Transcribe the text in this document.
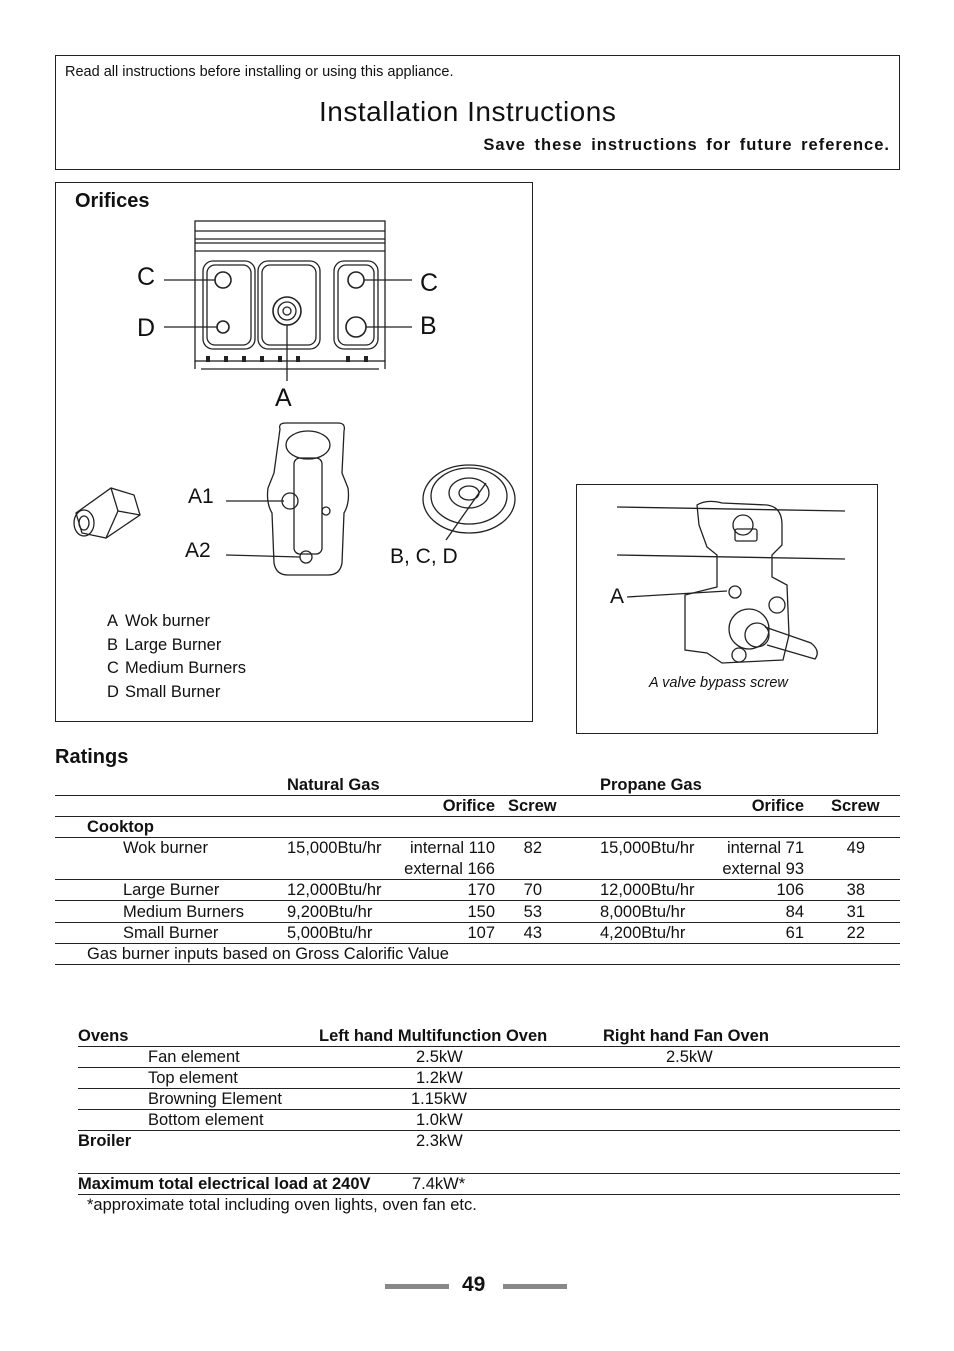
Read all instructions before installing or using this appliance.
Installation Instructions
Save these instructions for future reference.
Orifices
C
D
C
B
A
A1
A2	B, C, D
A Wok burner
B Large Burner
C Medium Burners
D Small Burner
A
A valve bypass screw
Ratings
Natural Gas	Propane Gas
Orifice Screw	Orifice Screw
Cooktop
Wok burner	15,000Btu/hr	internal 110	82	15,000Btu/hr	internal 71	49
external 166	external 93
Large Burner	12,000Btu/hr	170	70	12,000Btu/hr	106	38
Medium Burners	9,200Btu/hr	150	53	8,000Btu/hr	84	31
Small Burner	5,000Btu/hr	107	43	4,200Btu/hr	61	22
Gas burner inputs based on Gross Calorific Value
Ovens	Left hand Multifunction Oven	Right hand Fan Oven
Fan element	2.5kW	2.5kW
Top element	1.2kW
Browning Element	1.15kW
Bottom element	1.0kW
Broiler	2.3kW
Maximum total electrical load at 240V	7.4kW*
*approximate total including oven lights, oven fan etc.
49
